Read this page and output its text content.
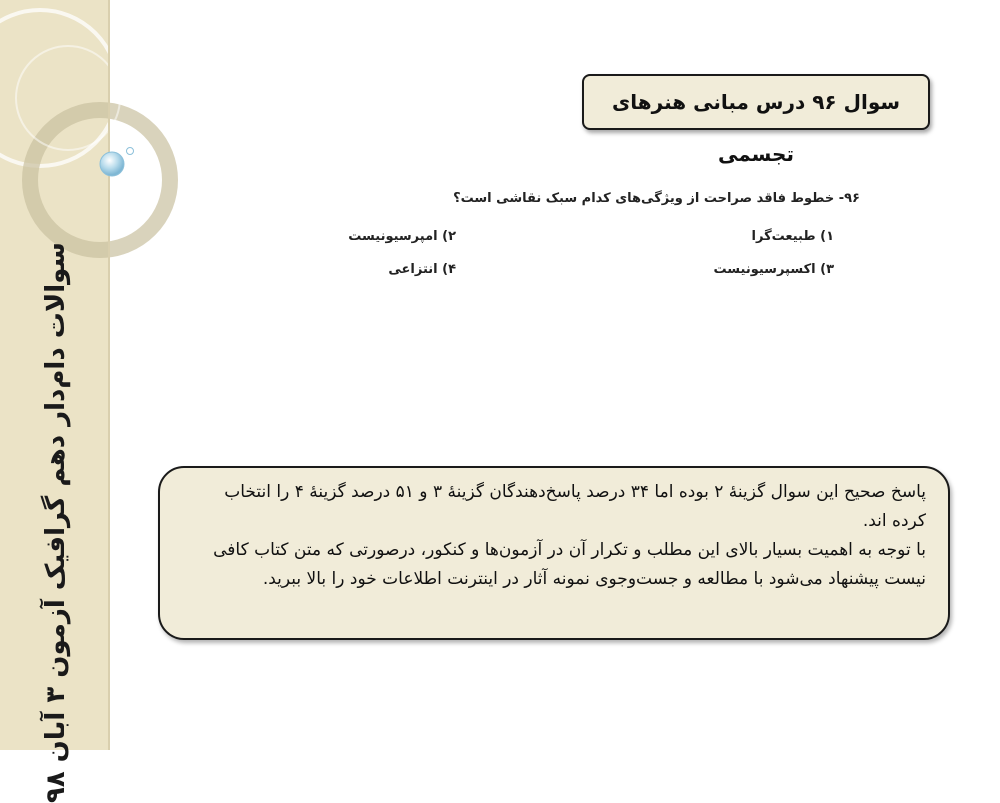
سوالات دام‌دار دهم گرافیک آزمون ۳ آبان ۹۸
سوال ۹۶ درس مبانی هنرهای تجسمی
۹۶- خطوط فاقد صراحت از ویژگی‌های کدام سبک نقاشی است؟
۱) طبیعت‌گرا
۲) امپرسیونیست
۳) اکسپرسیونیست
۴) انتزاعی

پاسخ صحیح این سوال گزینهٔ ۲ بوده اما ۳۴ درصد پاسخ‌دهندگان گزینهٔ ۳ و ۵۱ درصد گزینهٔ ۴ را انتخاب کرده اند.

با توجه به اهمیت بسیار بالای این مطلب و تکرار آن در آزمون‌ها و کنکور، درصورتی که متن کتاب کافی نیست پیشنهاد می‌شود با مطالعه و جست‌وجوی نمونه آثار در اینترنت اطلاعات خود را بالا ببرید.
